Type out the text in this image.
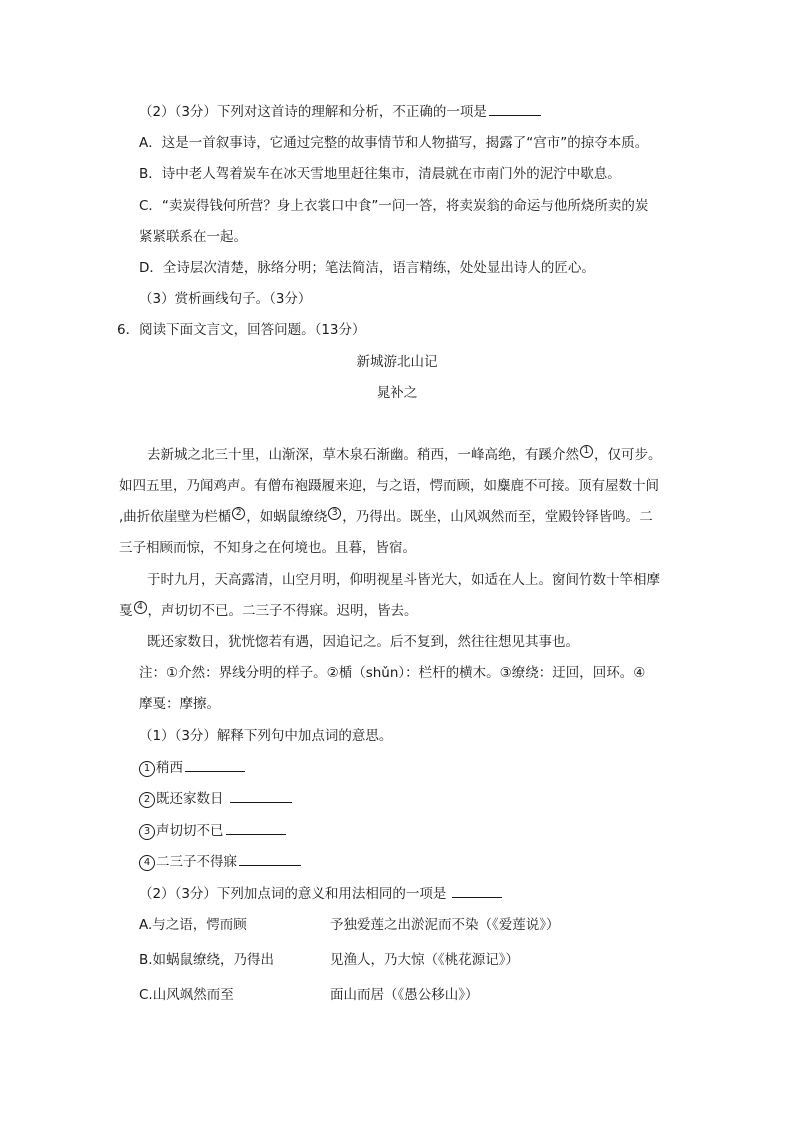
（2）（3分）下列对这首诗的理解和分析，不正确的一项是
A．这是一首叙事诗，它通过完整的故事情节和人物描写，揭露了“宫市”的掠夺本质。
B．诗中老人驾着炭车在冰天雪地里赶往集市，清晨就在市南门外的泥泞中歇息。
C．“卖炭得钱何所营？身上衣裳口中食”一问一答，将卖炭翁的命运与他所烧所卖的炭
紧紧联系在一起。
D．全诗层次清楚，脉络分明；笔法简洁，语言精练，处处显出诗人的匠心。
（3）赏析画线句子。（3分）
6．阅读下面文言文，回答问题。（13分）
新城游北山记
晁补之
去新城之北三十里，山渐深，草木泉石渐幽。稍西，一峰高绝，有蹊介然 1 ，仅可步。
如四五里，乃闻鸡声。有僧布袍蹑履来迎，与之语，愕而顾，如麋鹿不可接。顶有屋数十间
,曲折依崖壁为栏楯 2 ，如蜗鼠缭绕 3 ，乃得出。既坐，山风飒然而至，堂殿铃铎皆鸣。二
三子相顾而惊，不知身之在何境也。且暮，皆宿。
于时九月，天高露清，山空月明，仰明视星斗皆光大，如适在人上。窗间竹数十竿相摩
戛 4 ，声切切不已。二三子不得寐。迟明，皆去。
既还家数日，犹恍惚若有遇，因追记之。后不复到，然往往想见其事也。
注：①介然：界线分明的样子。②楯（shǔn）：栏杆的横木。③缭绕：迂回，回环。④
摩戛：摩擦。
（1）（3分）解释下列句中加点词的意思。
1 稍西
2 既还家数日
3 声切切不已
4 二三子不得寐
（2）（3分）下列加点词的意义和用法相同的一项是
A.与之语，愕而顾	予独爱莲之出淤泥而不染（《爱莲说》）
B.如蜗鼠缭绕，乃得出	见渔人，乃大惊（《桃花源记》）
C.山风飒然而至	面山而居（《愚公移山》）
